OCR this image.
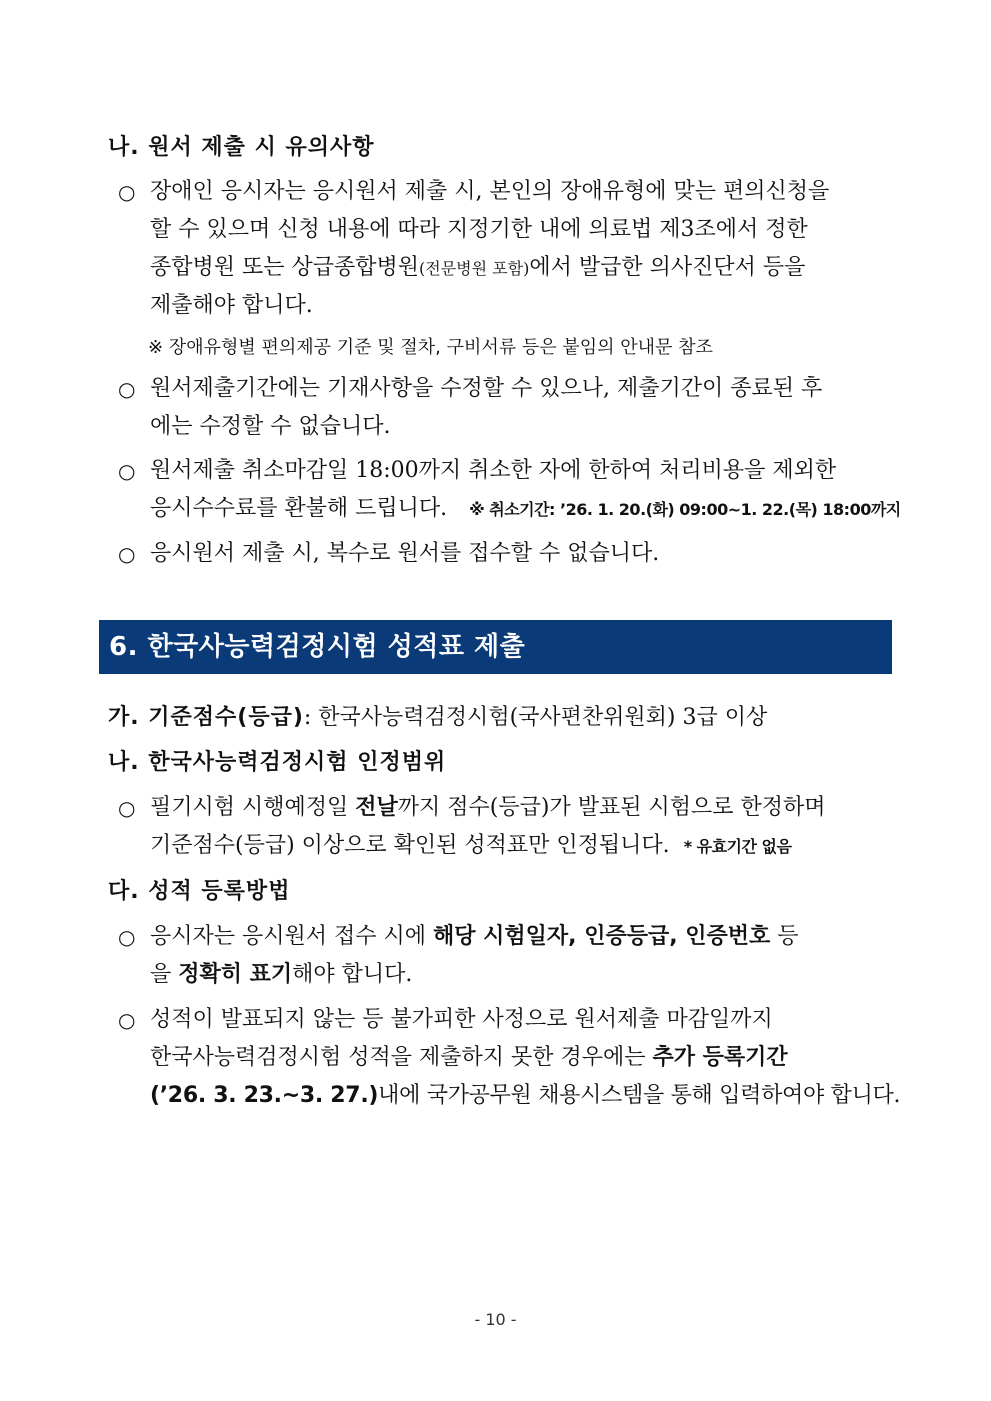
나. 원서 제출 시 유의사항
○ 장애인 응시자는 응시원서 제출 시, 본인의 장애유형에 맞는 편의신청을
할 수 있으며 신청 내용에 따라 지정기한 내에 의료법 제3조에서 정한
종합병원 또는 상급종합병원(전문병원 포함)에서 발급한 의사진단서 등을
제출해야 합니다.
※ 장애유형별 편의제공 기준 및 절차, 구비서류 등은 붙임의 안내문 참조
○ 원서제출기간에는 기재사항을 수정할 수 있으나, 제출기간이 종료된 후
에는 수정할 수 없습니다.
○ 원서제출 취소마감일 18:00까지 취소한 자에 한하여 처리비용을 제외한
응시수수료를 환불해 드립니다. ※ 취소기간: ’26. 1. 20.(화) 09:00~1. 22.(목) 18:00까지
○ 응시원서 제출 시, 복수로 원서를 접수할 수 없습니다.
6. 한국사능력검정시험 성적표 제출
가. 기준점수(등급): 한국사능력검정시험(국사편찬위원회) 3급 이상
나. 한국사능력검정시험 인정범위
○ 필기시험 시행예정일 전날까지 점수(등급)가 발표된 시험으로 한정하며
기준점수(등급) 이상으로 확인된 성적표만 인정됩니다. * 유효기간 없음
다. 성적 등록방법
○ 응시자는 응시원서 접수 시에 해당 시험일자, 인증등급, 인증번호 등
을 정확히 표기해야 합니다.
○ 성적이 발표되지 않는 등 불가피한 사정으로 원서제출 마감일까지
한국사능력검정시험 성적을 제출하지 못한 경우에는 추가 등록기간
(’26. 3. 23.~3. 27.)내에 국가공무원 채용시스템을 통해 입력하여야 합니다.
- 10 -
